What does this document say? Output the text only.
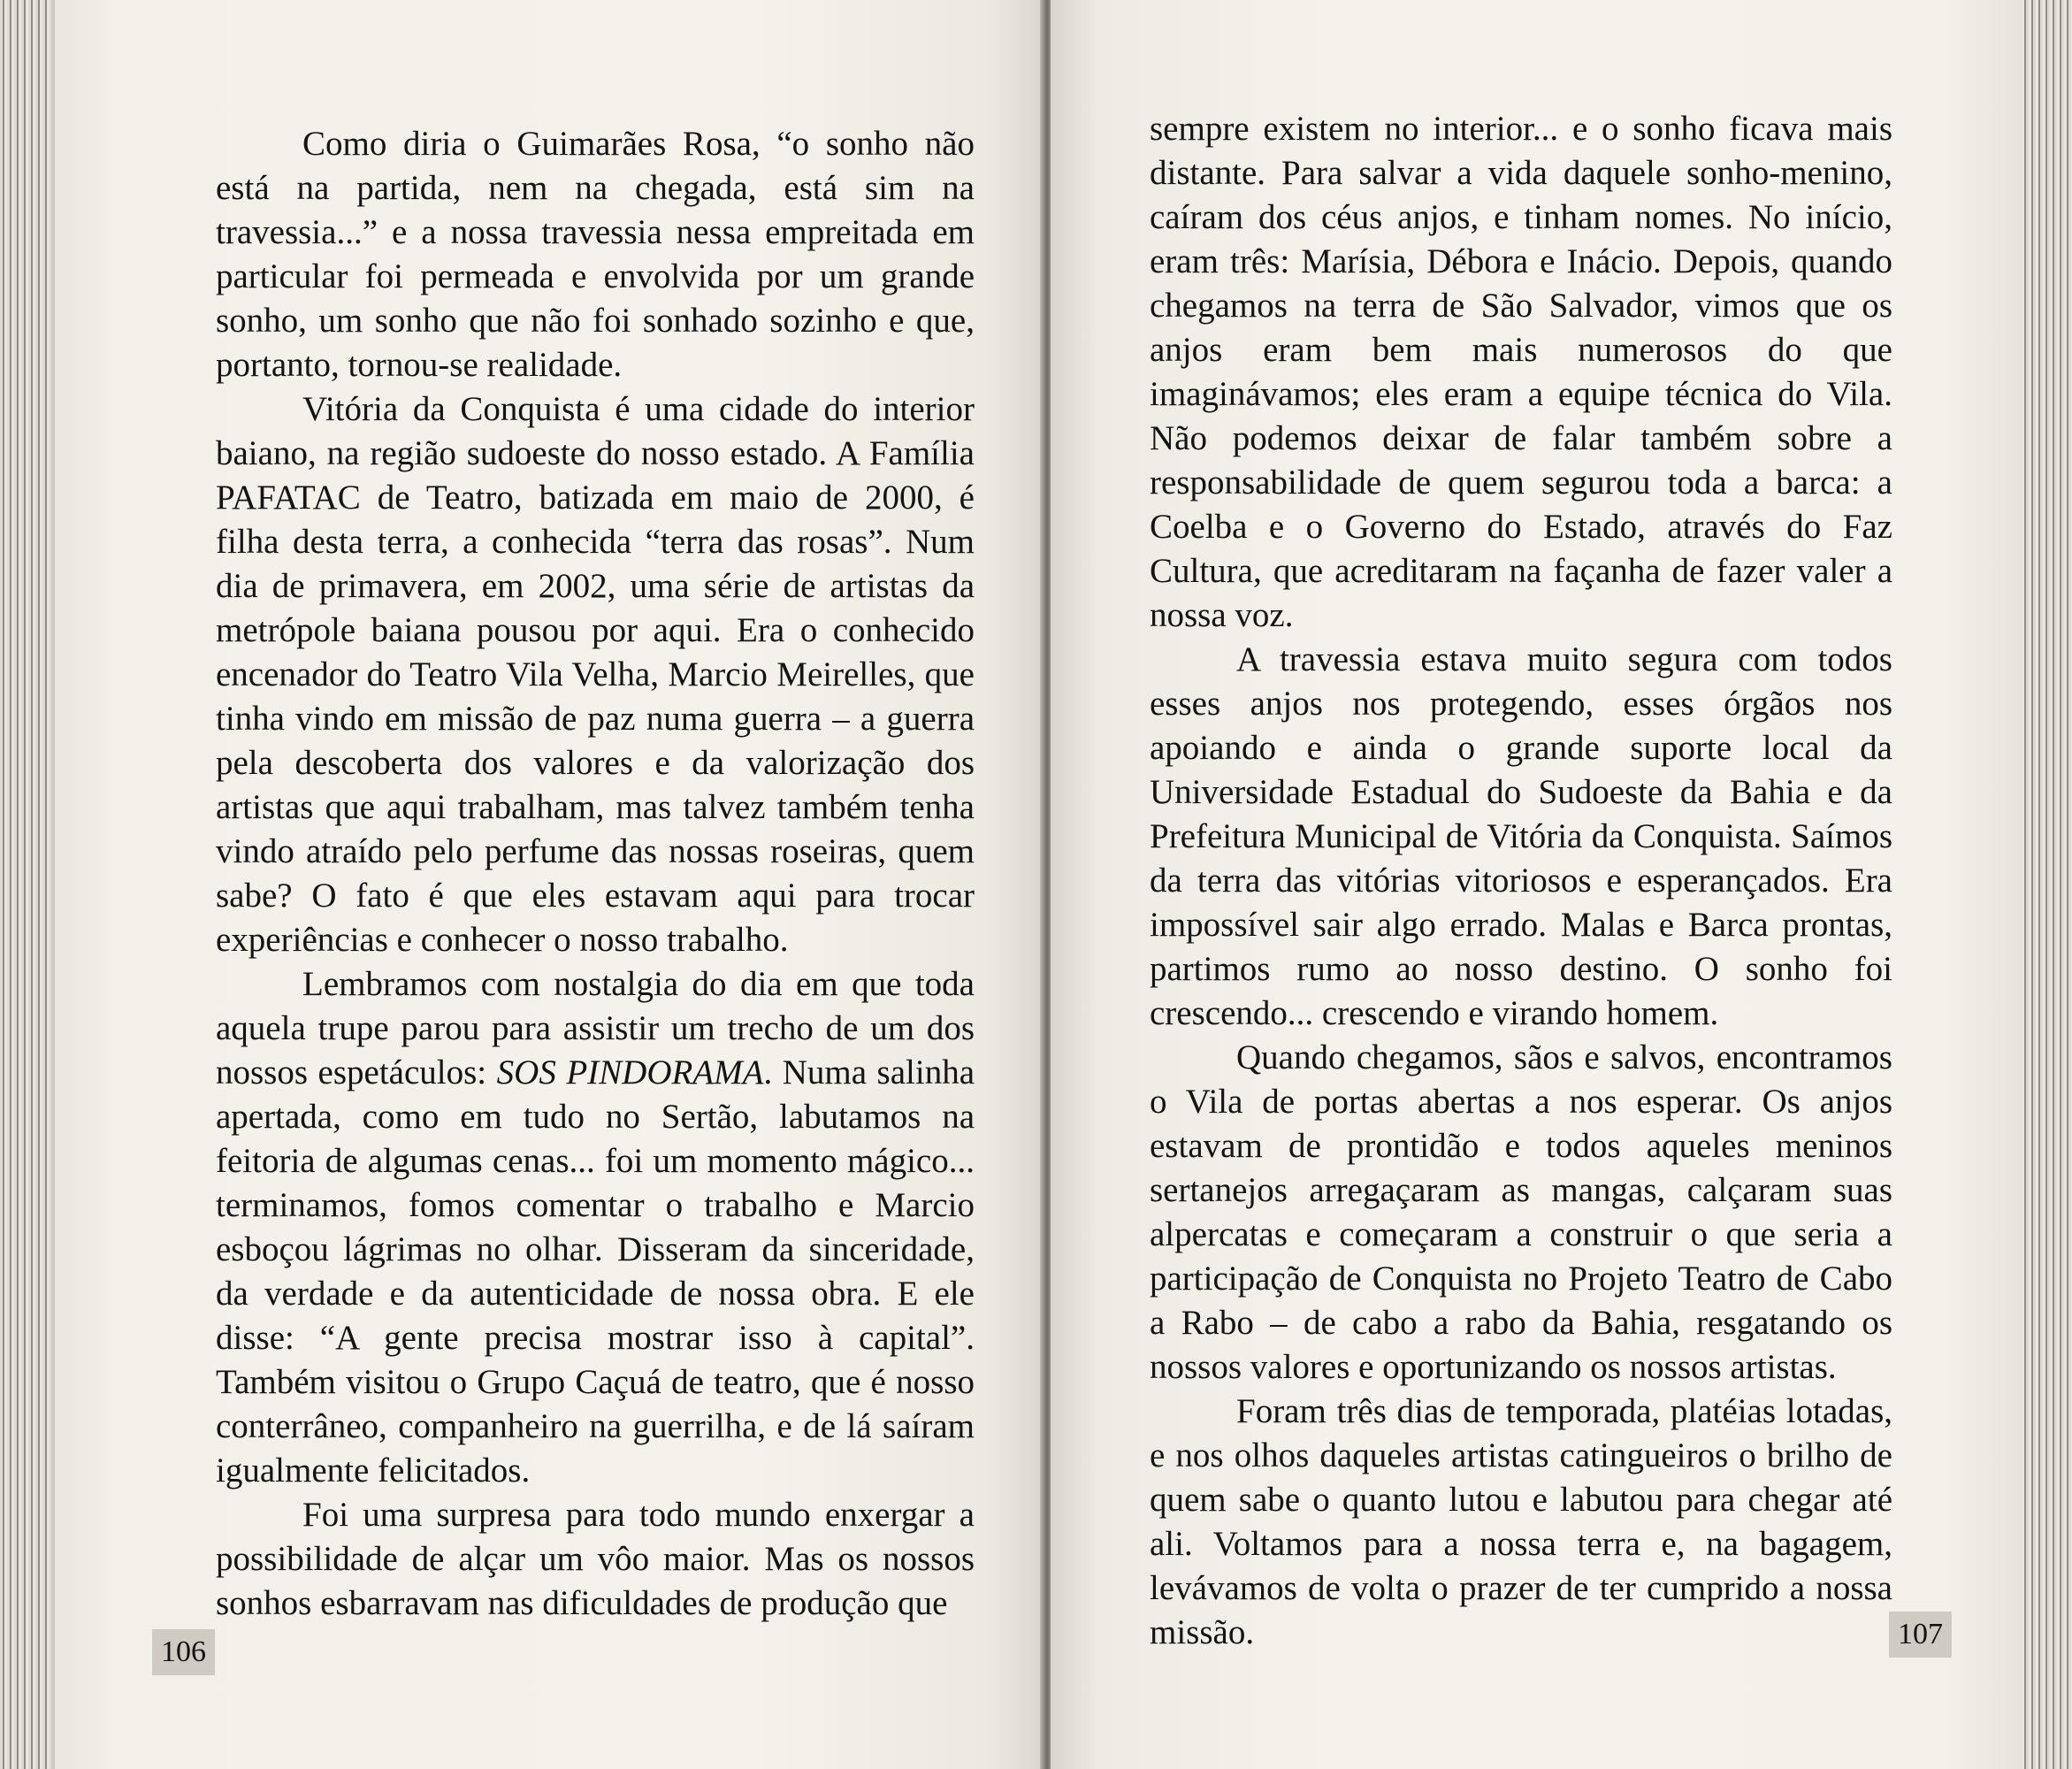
Como diria o Guimarães Rosa, “o sonho não está na partida, nem na chegada, está sim na travessia...” e a nossa travessia nessa empreitada em particular foi permeada e envolvida por um grande sonho, um sonho que não foi sonhado sozinho e que, portanto, tornou-se realidade.

Vitória da Conquista é uma cidade do interior baiano, na região sudoeste do nosso estado. A Família PAFATAC de Teatro, batizada em maio de 2000, é filha desta terra, a conhecida “terra das rosas”. Num dia de primavera, em 2002, uma série de artistas da metrópole baiana pousou por aqui. Era o conhecido encenador do Teatro Vila Velha, Marcio Meirelles, que tinha vindo em missão de paz numa guerra – a guerra pela descoberta dos valores e da valorização dos artistas que aqui trabalham, mas talvez também tenha vindo atraído pelo perfume das nossas roseiras, quem sabe? O fato é que eles estavam aqui para trocar experiências e conhecer o nosso trabalho.

Lembramos com nostalgia do dia em que toda aquela trupe parou para assistir um trecho de um dos nossos espetáculos: SOS PINDORAMA. Numa salinha apertada, como em tudo no Sertão, labutamos na feitoria de algumas cenas... foi um momento mágico... terminamos, fomos comentar o trabalho e Marcio esboçou lágrimas no olhar. Disseram da sinceridade, da verdade e da autenticidade de nossa obra. E ele disse: “A gente precisa mostrar isso à capital”. Também visitou o Grupo Caçuá de teatro, que é nosso conterrâneo, companheiro na guerrilha, e de lá saíram igualmente felicitados.

Foi uma surpresa para todo mundo enxergar a possibilidade de alçar um vôo maior. Mas os nossos sonhos esbarravam nas dificuldades de produção que

106

sempre existem no interior... e o sonho ficava mais distante. Para salvar a vida daquele sonho-menino, caíram dos céus anjos, e tinham nomes. No início, eram três: Marísia, Débora e Inácio. Depois, quando chegamos na terra de São Salvador, vimos que os anjos eram bem mais numerosos do que imaginávamos; eles eram a equipe técnica do Vila. Não podemos deixar de falar também sobre a responsabilidade de quem segurou toda a barca: a Coelba e o Governo do Estado, através do Faz Cultura, que acreditaram na façanha de fazer valer a nossa voz.

A travessia estava muito segura com todos esses anjos nos protegendo, esses órgãos nos apoiando e ainda o grande suporte local da Universidade Estadual do Sudoeste da Bahia e da Prefeitura Municipal de Vitória da Conquista. Saímos da terra das vitórias vitoriosos e esperançados. Era impossível sair algo errado. Malas e Barca prontas, partimos rumo ao nosso destino. O sonho foi crescendo... crescendo e virando homem.

Quando chegamos, sãos e salvos, encontramos o Vila de portas abertas a nos esperar. Os anjos estavam de prontidão e todos aqueles meninos sertanejos arregaçaram as mangas, calçaram suas alpercatas e começaram a construir o que seria a participação de Conquista no Projeto Teatro de Cabo a Rabo – de cabo a rabo da Bahia, resgatando os nossos valores e oportunizando os nossos artistas.

Foram três dias de temporada, platéias lotadas, e nos olhos daqueles artistas catingueiros o brilho de quem sabe o quanto lutou e labutou para chegar até ali. Voltamos para a nossa terra e, na bagagem, levávamos de volta o prazer de ter cumprido a nossa missão.	107
